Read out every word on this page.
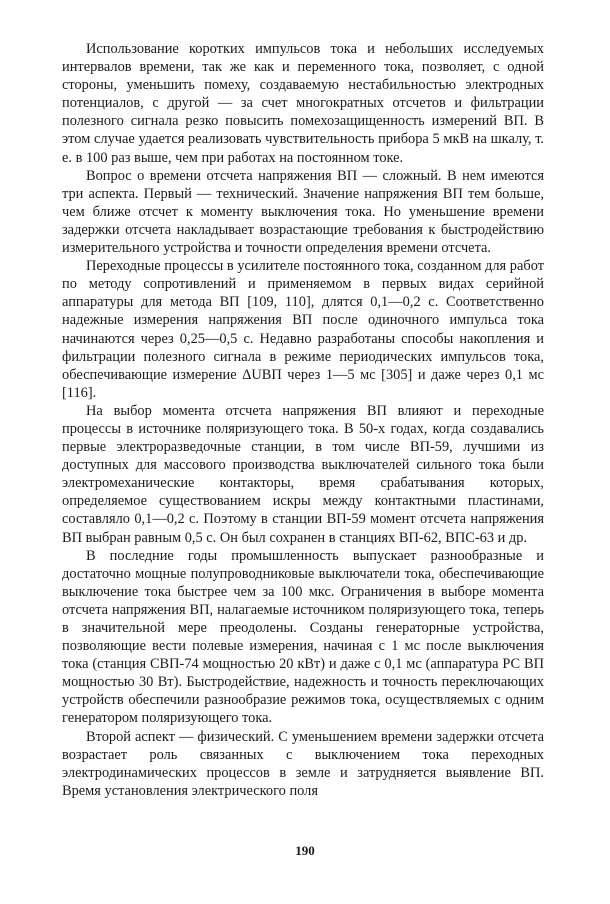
Использование коротких импульсов тока и небольших исследуемых интервалов времени, так же как и переменного тока, позволяет, с одной стороны, уменьшить помеху, создаваемую нестабильностью электродных потенциалов, с другой — за счет многократных отсчетов и фильтрации полезного сигнала резко повысить помехозащищенность измерений ВП. В этом случае удается реализовать чувствительность прибора 5 мкВ на шкалу, т. е. в 100 раз выше, чем при работах на постоянном токе.

Вопрос о времени отсчета напряжения ВП — сложный. В нем имеются три аспекта. Первый — технический. Значение напряжения ВП тем больше, чем ближе отсчет к моменту выключения тока. Но уменьшение времени задержки отсчета накладывает возрастающие требования к быстродействию измерительного устройства и точности определения времени отсчета.

Переходные процессы в усилителе постоянного тока, созданном для работ по методу сопротивлений и применяемом в первых видах серийной аппаратуры для метода ВП [109, 110], длятся 0,1—0,2 с. Соответственно надежные измерения напряжения ВП после одиночного импульса тока начинаются через 0,25—0,5 с. Недавно разработаны способы накопления и фильтрации полезного сигнала в режиме периодических импульсов тока, обеспечивающие измерение ΔUВП через 1—5 мс [305] и даже через 0,1 мс [116].

На выбор момента отсчета напряжения ВП влияют и переходные процессы в источнике поляризующего тока. В 50-х годах, когда создавались первые электроразведочные станции, в том числе ВП-59, лучшими из доступных для массового производства выключателей сильного тока были электромеханические контакторы, время срабатывания которых, определяемое существованием искры между контактными пластинами, составляло 0,1—0,2 с. Поэтому в станции ВП-59 момент отсчета напряжения ВП выбран равным 0,5 с. Он был сохранен в станциях ВП-62, ВПС-63 и др.

В последние годы промышленность выпускает разнообразные и достаточно мощные полупроводниковые выключатели тока, обеспечивающие выключение тока быстрее чем за 100 мкс. Ограничения в выборе момента отсчета напряжения ВП, налагаемые источником поляризующего тока, теперь в значительной мере преодолены. Созданы генераторные устройства, позволяющие вести полевые измерения, начиная с 1 мс после выключения тока (станция СВП-74 мощностью 20 кВт) и даже с 0,1 мс (аппаратура РС ВП мощностью 30 Вт). Быстродействие, надежность и точность переключающих устройств обеспечили разнообразие режимов тока, осуществляемых с одним генератором поляризующего тока.

Второй аспект — физический. С уменьшением времени задержки отсчета возрастает роль связанных с выключением тока переходных электродинамических процессов в земле и затрудняется выявление ВП. Время установления электрического поля

190
